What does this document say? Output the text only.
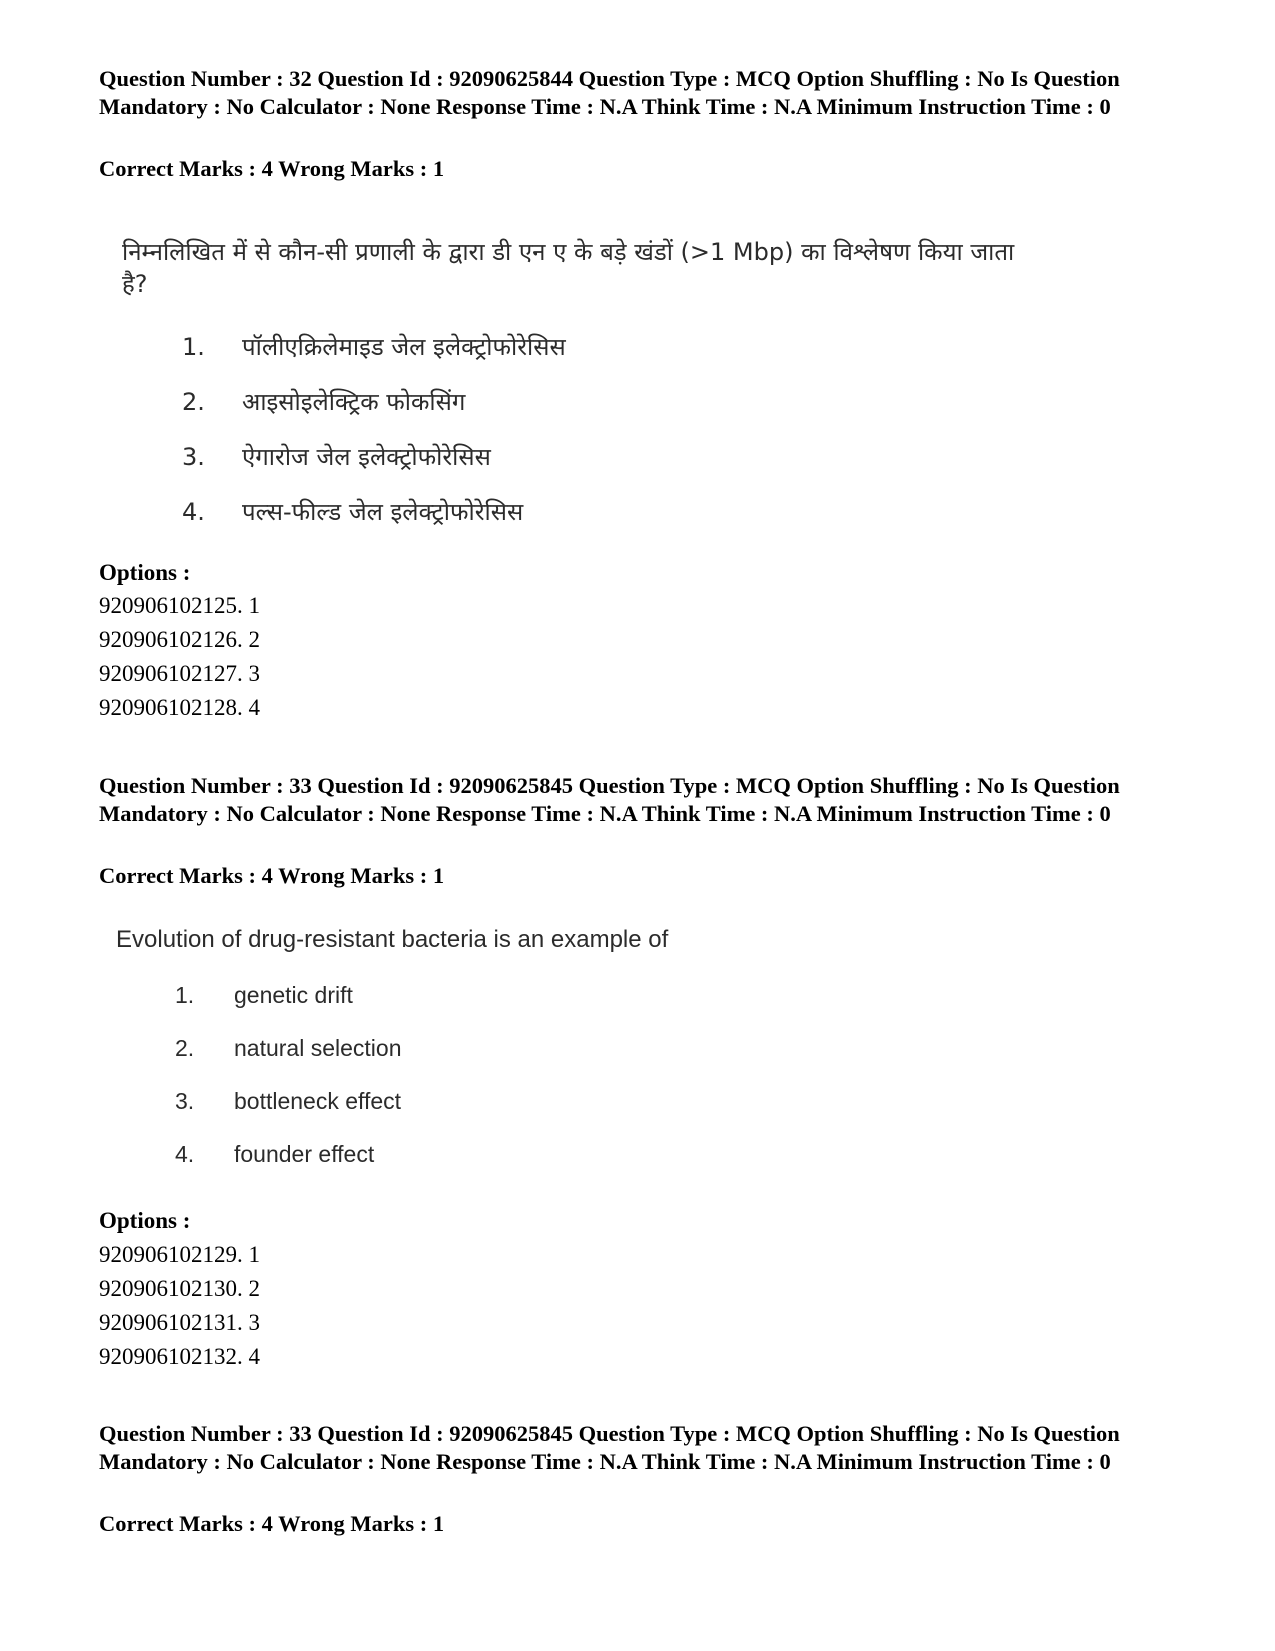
Question Number : 32 Question Id : 92090625844 Question Type : MCQ Option Shuffling : No Is Question Mandatory : No Calculator : None Response Time : N.A Think Time : N.A Minimum Instruction Time : 0

Correct Marks : 4 Wrong Marks : 1

निम्नलिखित में से कौन-सी प्रणाली के द्वारा डी एन ए के बड़े खंडों (>1 Mbp) का विश्लेषण किया जाता है?

1. पॉलीएक्रिलेमाइड जेल इलेक्ट्रोफोरेसिस
2. आइसोइलेक्ट्रिक फोकसिंग
3. ऐगारोज जेल इलेक्ट्रोफोरेसिस
4. पल्स-फील्ड जेल इलेक्ट्रोफोरेसिस

Options :

920906102125. 1

920906102126. 2

920906102127. 3

920906102128. 4

Question Number : 33 Question Id : 92090625845 Question Type : MCQ Option Shuffling : No Is Question Mandatory : No Calculator : None Response Time : N.A Think Time : N.A Minimum Instruction Time : 0

Correct Marks : 4 Wrong Marks : 1

Evolution of drug-resistant bacteria is an example of

1. genetic drift
2. natural selection
3. bottleneck effect
4. founder effect

Options :

920906102129. 1

920906102130. 2

920906102131. 3

920906102132. 4

Question Number : 33 Question Id : 92090625845 Question Type : MCQ Option Shuffling : No Is Question Mandatory : No Calculator : None Response Time : N.A Think Time : N.A Minimum Instruction Time : 0

Correct Marks : 4 Wrong Marks : 1
